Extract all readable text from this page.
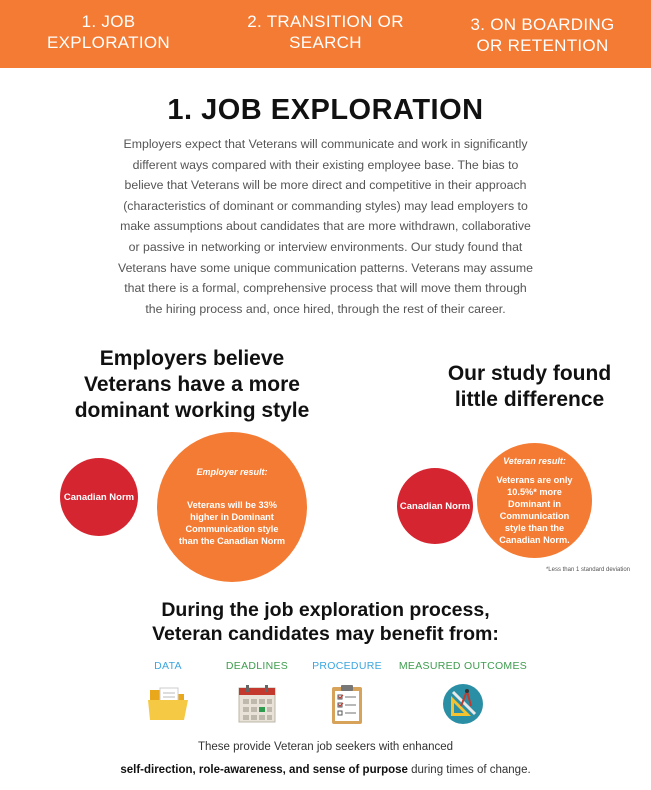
1. JOB
EXPLORATION
2. TRANSITION OR
SEARCH
3. ON BOARDING
OR RETENTION
1. JOB EXPLORATION

Employers expect that Veterans will communicate and work in significantly different ways compared with their existing employee base. The bias to believe that Veterans will be more direct and competitive in their approach (characteristics of dominant or commanding styles) may lead employers to make assumptions about candidates that are more withdrawn, collaborative or passive in networking or interview environments. Our study found that Veterans have some unique communication patterns. Veterans may assume that there is a formal, comprehensive process that will move them through the hiring process and, once hired, through the rest of their career.

Employers believe
Veterans have a more
dominant working style
Our study found
little difference
Canadian Norm
Employer result:
Veterans will be 33% higher in Dominant Communication style than the Canadian Norm
Canadian Norm
Veteran result:
Veterans are only 10.5%* more Dominant in Communication style than the Canadian Norm.
*Less than 1 standard deviation
During the job exploration process,
Veteran candidates may benefit from:
DATA	DEADLINES	PROCEDURE	MEASURED OUTCOMES
These provide Veteran job seekers with enhanced
self-direction, role-awareness, and sense of purpose during times of change.
